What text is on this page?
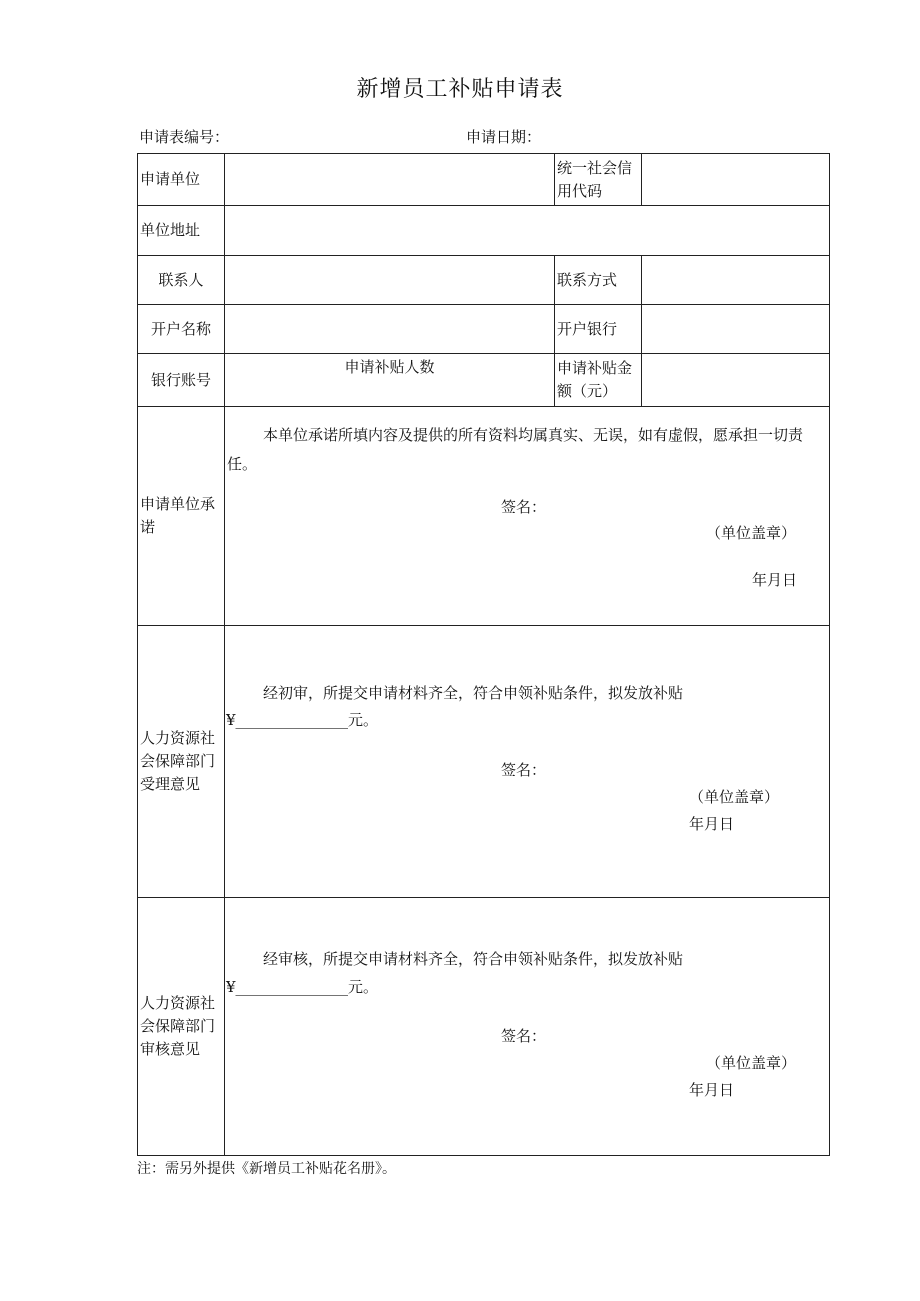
新增员工补贴申请表
申请表编号：	申请日期：
申请单位		统一社会信用代码	
单位地址			
联系人		联系方式	
开户名称		开户银行	
银行账号	申请补贴人数	申请补贴金额（元）	
申请单位承诺	本单位承诺所填内容及提供的所有资料均属真实、无误，如有虚假，愿承担一切责任。
签名：
（单位盖章）
年月日		

人力资源社会保障部门受理意见	经初审，所提交申请材料齐全，符合申领补贴条件，拟发放补贴
¥_______________元。
签名：
（单位盖章）
年月日		

人力资源社会保障部门审核意见	经审核，所提交申请材料齐全，符合申领补贴条件，拟发放补贴
¥_______________元。
签名：
（单位盖章）
年月日		
注：需另外提供《新增员工补贴花名册》。
